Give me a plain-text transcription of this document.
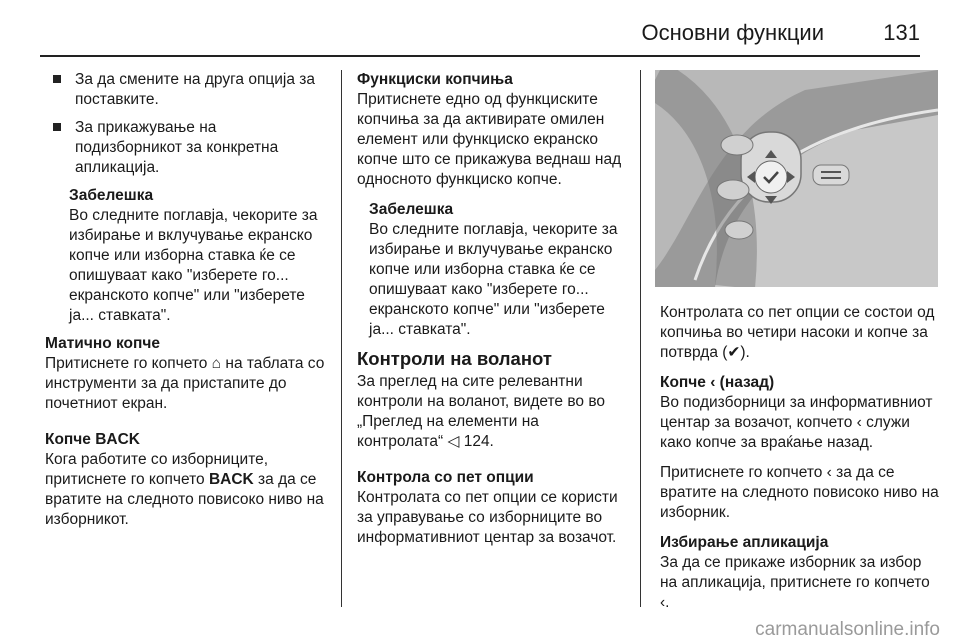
Основни функции	131
За да смените на друга опција за поставките.
За прикажување на подизборникот за конкретна апликација.
Забелешка
Во следните поглавја, чекорите за избирање и вклучување екранско копче или изборна ставка ќе се опишуваат како "изберете го... екранското копче" или "изберете ја... ставката".
Матично копче

Притиснете го копчето ⌂ на таблата со инструменти за да пристапите до почетниот екран.

Копче BACK
Кога работите со изборниците, притиснете го копчето BACK за да се вратите на следното повисоко ниво на изборникот.

Функциски копчиња

Притиснете едно од функциските копчиња за да активирате омилен елемент или функциско екранско копче што се прикажува веднаш над односното функциско копче.

Забелешка
Во следните поглавја, чекорите за избирање и вклучување екранско копче или изборна ставка ќе се опишуваат како "изберете го... екранското копче" или "изберете ја... ставката".
Контроли на воланот

За преглед на сите релевантни контроли на воланот, видете во во „Преглед на елементи на контролата“ ◁ 124.

Контрола со пет опции

Контролата со пет опции се користи за управување со изборниците во информативниот центар за возачот.

Контролата со пет опции се состои од копчиња во четири насоки и копче за потврда (✔).

Копче ‹ (назад)

Во подизборници за информативниот центар за возачот, копчето ‹ служи како копче за враќање назад.

Притиснете го копчето ‹ за да се вратите на следното повисоко ниво на изборник.

Избирање апликација

За да се прикаже изборник за избор на апликација, притиснете го копчето ‹.

carmanualsonline.info
